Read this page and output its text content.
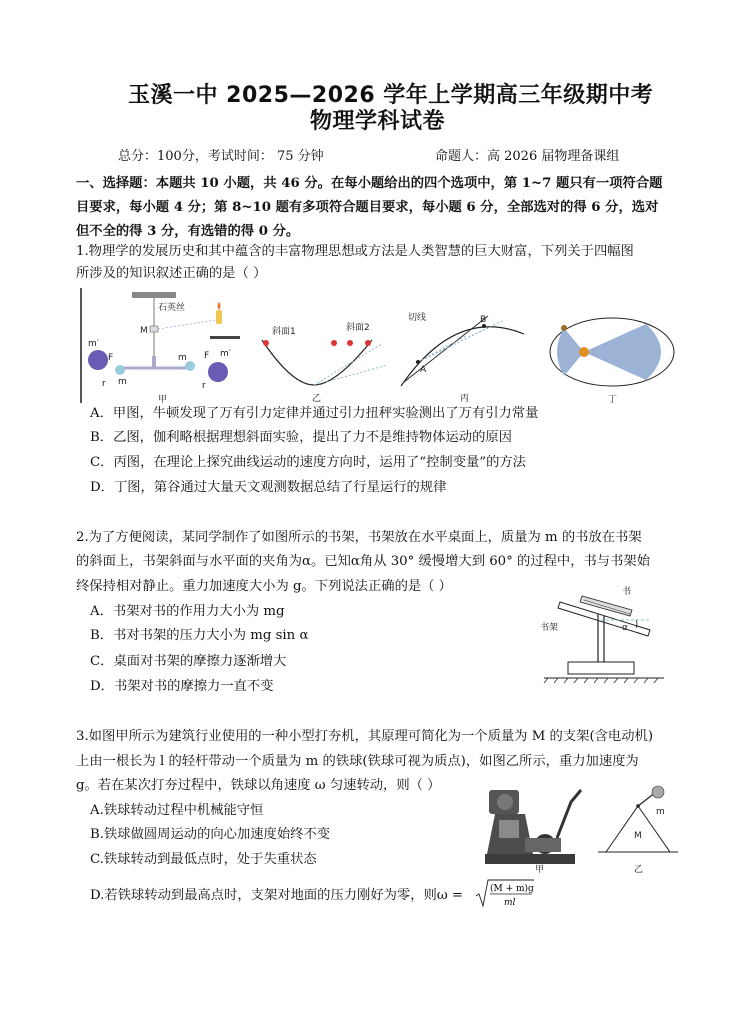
玉溪一中 2025—2026 学年上学期高三年级期中考
物理学科试卷
总分：100分，考试时间： 75 分钟	命题人：高 2026 届物理备课组
一、选择题：本题共 10 小题，共 46 分。在每小题给出的四个选项中，第 1~7 题只有一项符合题
目要求，每小题 4 分；第 8~10 题有多项符合题目要求，每小题 6 分，全部选对的得 6 分，选对
但不全的得 3 分，有选错的得 0 分。
1.物理学的发展历史和其中蕴含的丰富物理思想或方法是人类智慧的巨大财富，下列关于四幅图
所涉及的知识叙述正确的是（ ）
石英丝
M
m′
m′
F	F
m
m
r	r
甲
斜面1	斜面2
乙
切线
A
B
丙	丁
A．甲图，牛顿发现了万有引力定律并通过引力扭秤实验测出了万有引力常量
B．乙图，伽利略根据理想斜面实验，提出了力不是维持物体运动的原因
C．丙图，在理论上探究曲线运动的速度方向时，运用了“控制变量”的方法
D．丁图，第谷通过大量天文观测数据总结了行星运行的规律
2.为了方便阅读，某同学制作了如图所示的书架，书架放在水平桌面上，质量为 m 的书放在书架
的斜面上，书架斜面与水平面的夹角为α。已知α角从 30° 缓慢增大到 60° 的过程中，书与书架始
终保持相对静止。重力加速度大小为 g。下列说法正确的是（ ）
A．书架对书的作用力大小为 mg
B．书对书架的压力大小为 mg sin α
C．桌面对书架的摩擦力逐渐增大
D．书架对书的摩擦力一直不变
α
书
书架
3.如图甲所示为建筑行业使用的一种小型打夯机，其原理可简化为一个质量为 M 的支架(含电动机)
上由一根长为 l 的轻杆带动一个质量为 m 的铁球(铁球可视为质点)，如图乙所示，重力加速度为
g。若在某次打夯过程中，铁球以角速度 ω 匀速转动，则（ ）
A.铁球转动过程中机械能守恒
B.铁球做圆周运动的向心加速度始终不变
C.铁球转动到最低点时，处于失重状态
D.若铁球转动到最高点时，支架对地面的压力刚好为零，则ω =	(M + m)g
ml
甲
m
M
乙
